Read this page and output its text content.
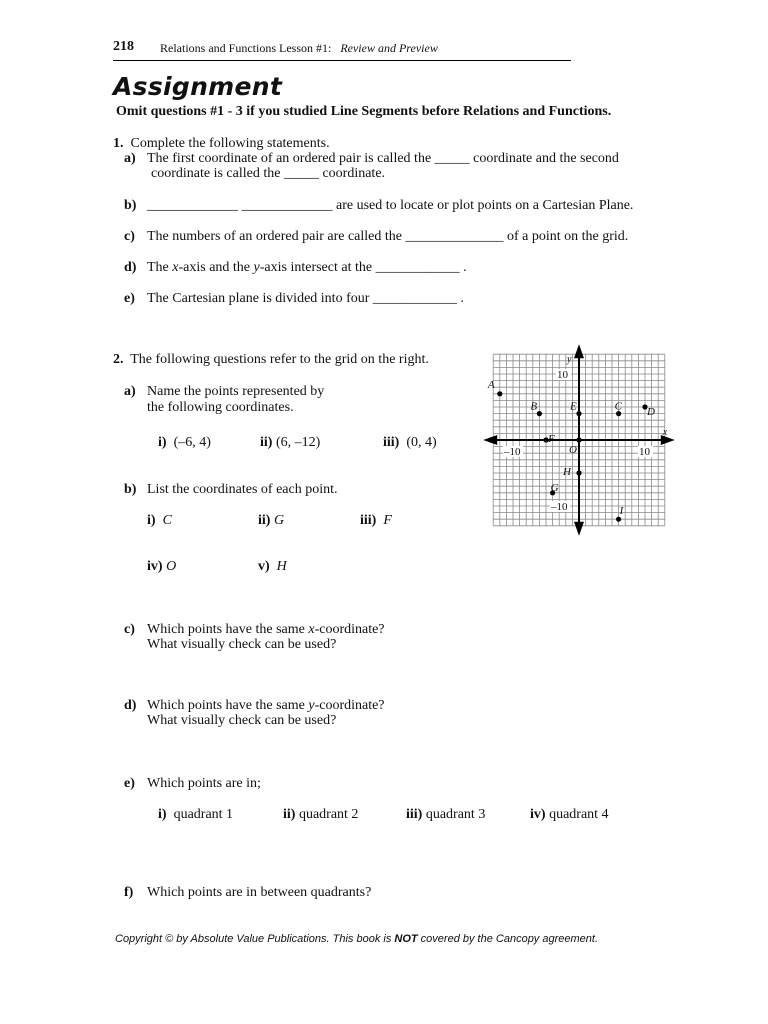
218 Relations and Functions Lesson #1: Review and Preview
Assignment
Omit questions #1 - 3 if you studied Line Segments before Relations and Functions.
1. Complete the following statements.
a) The first coordinate of an ordered pair is called the _____ coordinate and the second
coordinate is called the _____ coordinate.
b) _____________ _____________ are used to locate or plot points on a Cartesian Plane.
c) The numbers of an ordered pair are called the ______________ of a point on the grid.
d) The x-axis and the y-axis intersect at the ____________ .
e) The Cartesian plane is divided into four ____________ .
2. The following questions refer to the grid on the right.
a) Name the points represented by
the following coordinates.
i) (–6, 4)	ii) (6, –12)	iii) (0, 4)
b) List the coordinates of each point.
i) C	ii) G	iii) F
iv) O	v) H
c) Which points have the same x-coordinate?
What visually check can be used?
d) Which points have the same y-coordinate?
What visually check can be used?
e) Which points are in;
i) quadrant 1	ii) quadrant 2	iii) quadrant 3	iv) quadrant 4
f) Which points are in between quadrants?
–10	10
10
–10
x
y
A
B	E	C D
F
O
H
G
I
Copyright © by Absolute Value Publications. This book is NOT covered by the Cancopy agreement.
